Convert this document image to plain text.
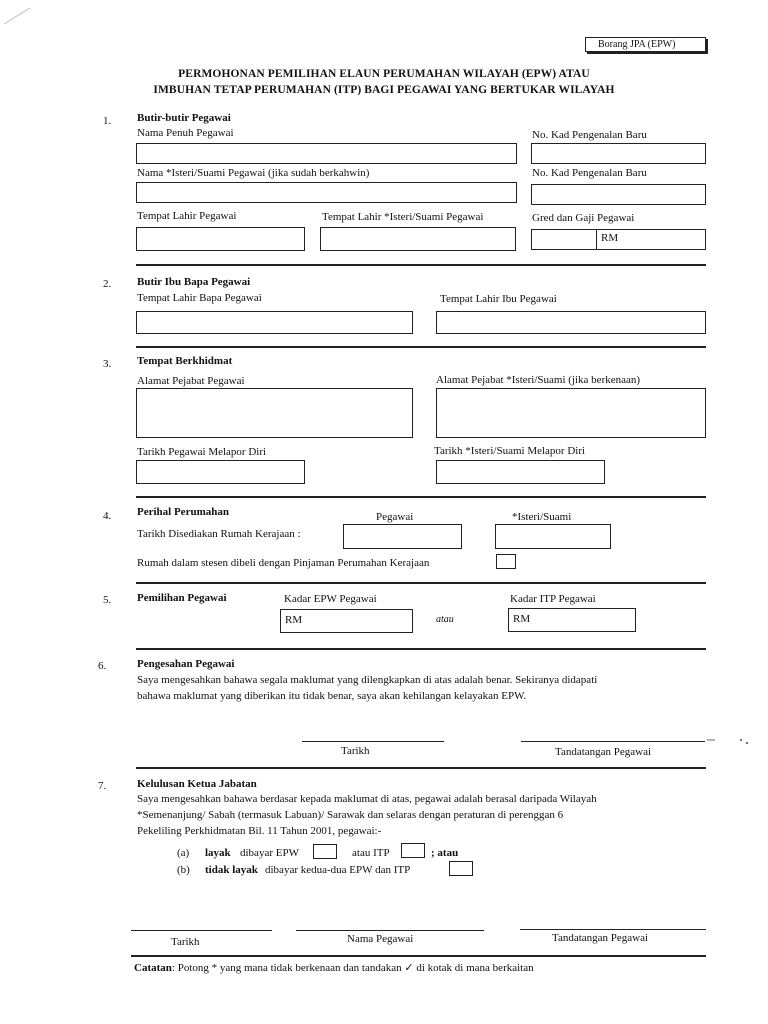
Borang JPA (EPW)
PERMOHONAN PEMILIHAN ELAUN PERUMAHAN WILAYAH (EPW) ATAU
IMBUHAN TETAP PERUMAHAN (ITP) BAGI PEGAWAI YANG BERTUKAR WILAYAH
1. Butir-butir Pegawai
Nama Penuh Pegawai	No. Kad Pengenalan Baru
Nama *Isteri/Suami Pegawai (jika sudah berkahwin)	No. Kad Pengenalan Baru
Tempat Lahir Pegawai	Tempat Lahir *Isteri/Suami Pegawai	Gred dan Gaji Pegawai
RM
2. Butir Ibu Bapa Pegawai
Tempat Lahir Bapa Pegawai	Tempat Lahir Ibu Pegawai
3. Tempat Berkhidmat
Alamat Pejabat Pegawai	Alamat Pejabat *Isteri/Suami (jika berkenaan)
Tarikh Pegawai Melapor Diri	Tarikh *Isteri/Suami Melapor Diri
4. Perihal Perumahan	Pegawai	*Isteri/Suami
Tarikh Disediakan Rumah Kerajaan :
Rumah dalam stesen dibeli dengan Pinjaman Perumahan Kerajaan
5. Pemilihan Pegawai	Kadar EPW Pegawai	Kadar ITP Pegawai
RM	atau	RM
6.	Pengesahan Pegawai
Saya mengesahkan bahawa segala maklumat yang dilengkapkan di atas adalah benar. Sekiranya didapati
bahawa maklumat yang diberikan itu tidak benar, saya akan kehilangan kelayakan EPW.
Tarikh	Tandatangan Pegawai
7.	Kelulusan Ketua Jabatan
Saya mengesahkan bahawa berdasar kepada maklumat di atas, pegawai adalah berasal daripada Wilayah
*Semenanjung/ Sabah (termasuk Labuan)/ Sarawak dan selaras dengan peraturan di perenggan 6
Pekeliling Perkhidmatan Bil. 11 Tahun 2001, pegawai:-
(a) layak dibayar EPW	atau ITP	; atau
(b) tidak layak dibayar kedua-dua EPW dan ITP
Tarikh	Nama Pegawai	Tandatangan Pegawai
Catatan: Potong * yang mana tidak berkenaan dan tandakan ✓ di kotak di mana berkaitan
